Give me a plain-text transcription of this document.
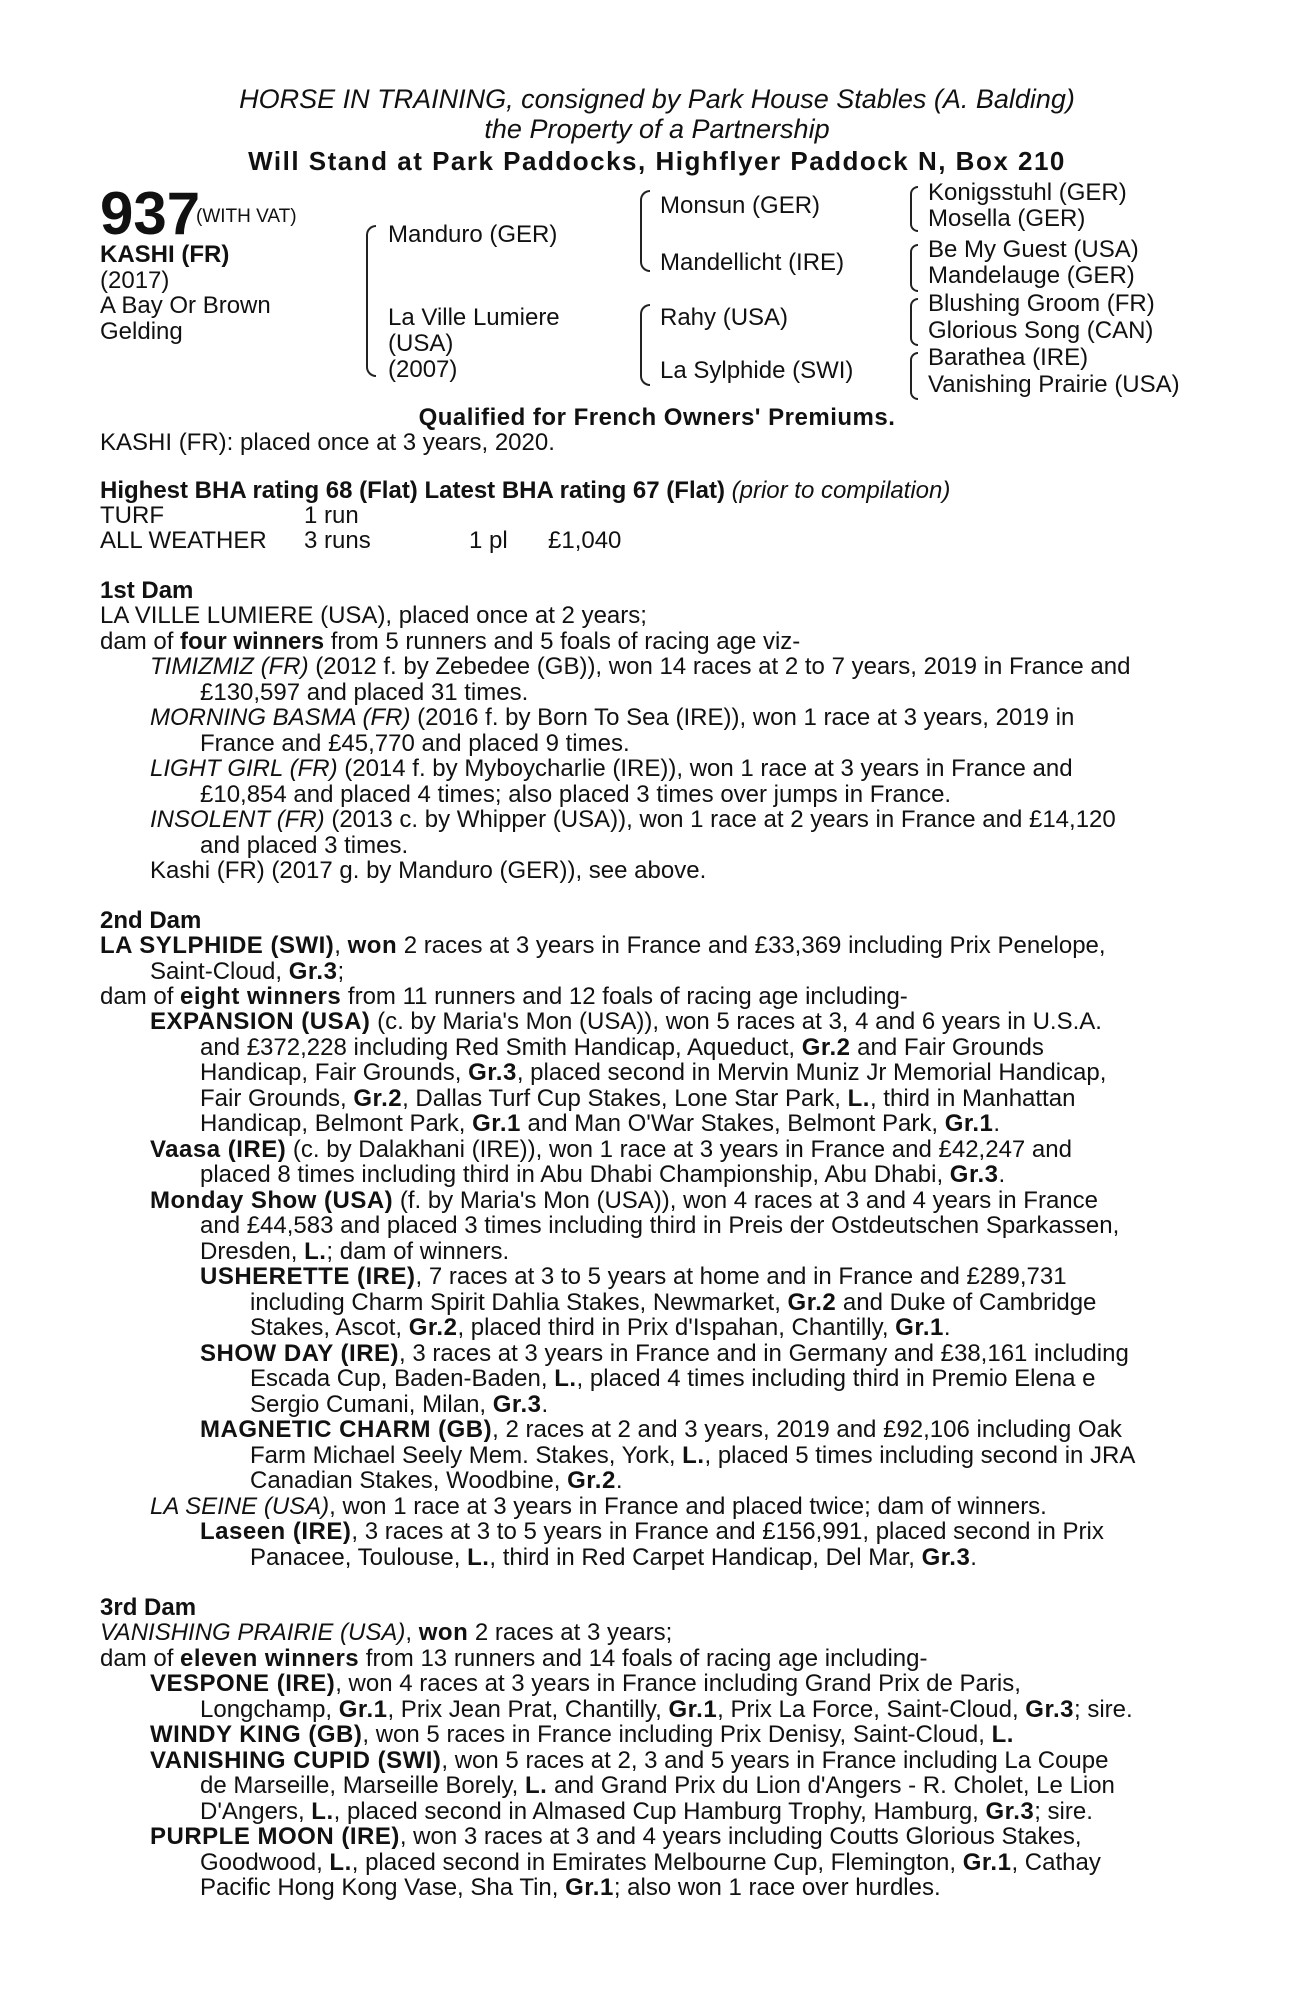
HORSE IN TRAINING, consigned by Park House Stables (A. Balding)
the Property of a Partnership
Will Stand at Park Paddocks, Highflyer Paddock N, Box 210
937
(WITH VAT)
KASHI (FR)
(2017)
A Bay Or Brown
Gelding
Manduro (GER)
La Ville Lumiere
(USA)
(2007)
Monsun (GER)
Mandellicht (IRE)
Rahy (USA)
La Sylphide (SWI)
Konigsstuhl (GER)
Mosella (GER)
Be My Guest (USA)
Mandelauge (GER)
Blushing Groom (FR)
Glorious Song (CAN)
Barathea (IRE)
Vanishing Prairie (USA)
Qualified for French Owners' Premiums.
KASHI (FR): placed once at 3 years, 2020.
Highest BHA rating 68 (Flat) Latest BHA rating 67 (Flat) (prior to compilation)
TURF	1 run
ALL WEATHER 3 runs	1 pl £1,040
1st Dam
LA VILLE LUMIERE (USA), placed once at 2 years;
dam of four winners from 5 runners and 5 foals of racing age viz-
TIMIZMIZ (FR) (2012 f. by Zebedee (GB)), won 14 races at 2 to 7 years, 2019 in France and
£130,597 and placed 31 times.
MORNING BASMA (FR) (2016 f. by Born To Sea (IRE)), won 1 race at 3 years, 2019 in
France and £45,770 and placed 9 times.
LIGHT GIRL (FR) (2014 f. by Myboycharlie (IRE)), won 1 race at 3 years in France and
£10,854 and placed 4 times; also placed 3 times over jumps in France.
INSOLENT (FR) (2013 c. by Whipper (USA)), won 1 race at 2 years in France and £14,120
and placed 3 times.
Kashi (FR) (2017 g. by Manduro (GER)), see above.
2nd Dam
LA SYLPHIDE (SWI), won 2 races at 3 years in France and £33,369 including Prix Penelope,
Saint-Cloud, Gr.3;
dam of eight winners from 11 runners and 12 foals of racing age including-
EXPANSION (USA) (c. by Maria's Mon (USA)), won 5 races at 3, 4 and 6 years in U.S.A.
and £372,228 including Red Smith Handicap, Aqueduct, Gr.2 and Fair Grounds
Handicap, Fair Grounds, Gr.3, placed second in Mervin Muniz Jr Memorial Handicap,
Fair Grounds, Gr.2, Dallas Turf Cup Stakes, Lone Star Park, L., third in Manhattan
Handicap, Belmont Park, Gr.1 and Man O'War Stakes, Belmont Park, Gr.1.
Vaasa (IRE) (c. by Dalakhani (IRE)), won 1 race at 3 years in France and £42,247 and
placed 8 times including third in Abu Dhabi Championship, Abu Dhabi, Gr.3.
Monday Show (USA) (f. by Maria's Mon (USA)), won 4 races at 3 and 4 years in France
and £44,583 and placed 3 times including third in Preis der Ostdeutschen Sparkassen,
Dresden, L.; dam of winners.
USHERETTE (IRE), 7 races at 3 to 5 years at home and in France and £289,731
including Charm Spirit Dahlia Stakes, Newmarket, Gr.2 and Duke of Cambridge
Stakes, Ascot, Gr.2, placed third in Prix d'Ispahan, Chantilly, Gr.1.
SHOW DAY (IRE), 3 races at 3 years in France and in Germany and £38,161 including
Escada Cup, Baden-Baden, L., placed 4 times including third in Premio Elena e
Sergio Cumani, Milan, Gr.3.
MAGNETIC CHARM (GB), 2 races at 2 and 3 years, 2019 and £92,106 including Oak
Farm Michael Seely Mem. Stakes, York, L., placed 5 times including second in JRA
Canadian Stakes, Woodbine, Gr.2.
LA SEINE (USA), won 1 race at 3 years in France and placed twice; dam of winners.
Laseen (IRE), 3 races at 3 to 5 years in France and £156,991, placed second in Prix
Panacee, Toulouse, L., third in Red Carpet Handicap, Del Mar, Gr.3.
3rd Dam
VANISHING PRAIRIE (USA), won 2 races at 3 years;
dam of eleven winners from 13 runners and 14 foals of racing age including-
VESPONE (IRE), won 4 races at 3 years in France including Grand Prix de Paris,
Longchamp, Gr.1, Prix Jean Prat, Chantilly, Gr.1, Prix La Force, Saint-Cloud, Gr.3; sire.
WINDY KING (GB), won 5 races in France including Prix Denisy, Saint-Cloud, L.
VANISHING CUPID (SWI), won 5 races at 2, 3 and 5 years in France including La Coupe
de Marseille, Marseille Borely, L. and Grand Prix du Lion d'Angers - R. Cholet, Le Lion
D'Angers, L., placed second in Almased Cup Hamburg Trophy, Hamburg, Gr.3; sire.
PURPLE MOON (IRE), won 3 races at 3 and 4 years including Coutts Glorious Stakes,
Goodwood, L., placed second in Emirates Melbourne Cup, Flemington, Gr.1, Cathay
Pacific Hong Kong Vase, Sha Tin, Gr.1; also won 1 race over hurdles.
